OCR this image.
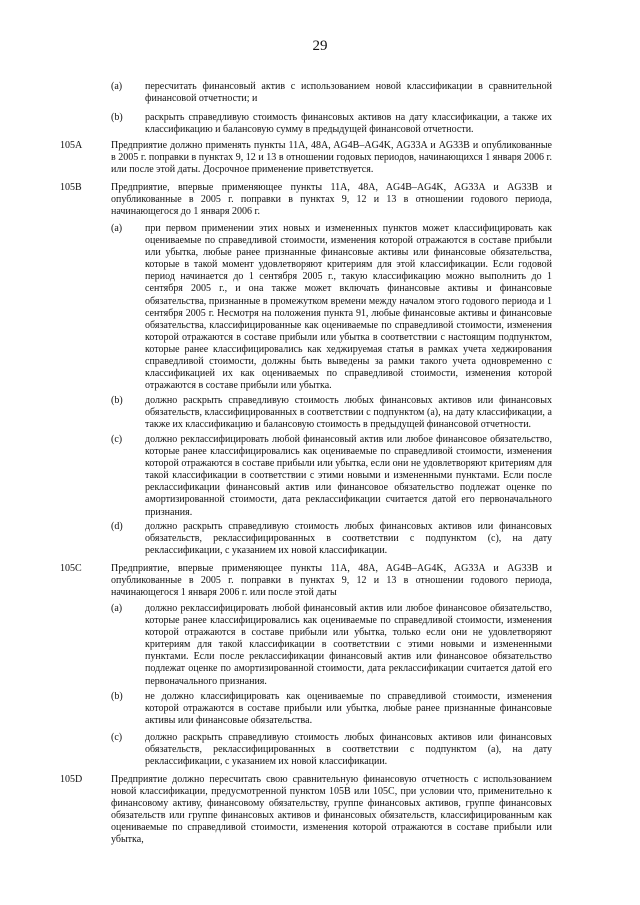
29
(a) пересчитать финансовый актив с использованием новой классификации в сравнительной финансовой отчетности; и
(b) раскрыть справедливую стоимость финансовых активов на дату классификации, а также их классификацию и балансовую сумму в предыдущей финансовой отчетности.
105A	Предприятие должно применять пункты 11A, 48A, AG4B–AG4K, AG33A и AG33B и опубликованные в 2005 г. поправки в пунктах 9, 12 и 13 в отношении годовых периодов, начинающихся 1 января 2006 г. или после этой даты. Досрочное применение приветствуется.
105B	Предприятие, впервые применяющее пункты 11A, 48A, AG4B–AG4K, AG33A и AG33B и опубликованные в 2005 г. поправки в пунктах 9, 12 и 13 в отношении годового периода, начинающегося до 1 января 2006 г.
(a) при первом применении этих новых и измененных пунктов может классифицировать как оцениваемые по справедливой стоимости, изменения которой отражаются в составе прибыли или убытка, любые ранее признанные финансовые активы или финансовые обязательства, которые в такой момент удовлетворяют критериям для этой классификации. Если годовой период начинается до 1 сентября 2005 г., такую классификацию можно выполнить до 1 сентября 2005 г., и она также может включать финансовые активы и финансовые обязательства, признанные в промежутком времени между началом этого годового периода и 1 сентября 2005 г. Несмотря на положения пункта 91, любые финансовые активы и финансовые обязательства, классифицированные как оцениваемые по справедливой стоимости, изменения которой отражаются в составе прибыли или убытка в соответствии с настоящим подпунктом, которые ранее классифицировались как хеджируемая статья в рамках учета хеджирования справедливой стоимости, должны быть выведены за рамки такого учета одновременно с классификацией их как оцениваемых по справедливой стоимости, изменения которой отражаются в составе прибыли или убытка.
(b) должно раскрыть справедливую стоимость любых финансовых активов или финансовых обязательств, классифицированных в соответствии с подпунктом (а), на дату классификации, а также их классификацию и балансовую стоимость в предыдущей финансовой отчетности.
(c) должно реклассифицировать любой финансовый актив или любое финансовое обязательство, которые ранее классифицировались как оцениваемые по справедливой стоимости, изменения которой отражаются в составе прибыли или убытка, если они не удовлетворяют критериям для такой классификации в соответствии с этими новыми и измененными пунктами. Если после реклассификации финансовый актив или финансовое обязательство подлежат оценке по амортизированной стоимости, дата реклассификации считается датой его первоначального признания.
(d) должно раскрыть справедливую стоимость любых финансовых активов или финансовых обязательств, реклассифицированных в соответствии с подпунктом (c), на дату реклассификации, с указанием их новой классификации.
105C	Предприятие, впервые применяющее пункты 11A, 48A, AG4B–AG4K, AG33A и AG33B и опубликованные в 2005 г. поправки в пунктах 9, 12 и 13 в отношении годового периода, начинающегося 1 января 2006 г. или после этой даты
(a) должно реклассифицировать любой финансовый актив или любое финансовое обязательство, которые ранее классифицировались как оцениваемые по справедливой стоимости, изменения которой отражаются в составе прибыли или убытка, только если они не удовлетворяют критериям для такой классификации в соответствии с этими новыми и измененными пунктами. Если после реклассификации финансовый актив или финансовое обязательство подлежат оценке по амортизированной стоимости, дата реклассификации считается датой его первоначального признания.
(b) не должно классифицировать как оцениваемые по справедливой стоимости, изменения которой отражаются в составе прибыли или убытка, любые ранее признанные финансовые активы или финансовые обязательства.
(c) должно раскрыть справедливую стоимость любых финансовых активов или финансовых обязательств, реклассифицированных в соответствии с подпунктом (а), на дату реклассификации, с указанием их новой классификации.
105D	Предприятие должно пересчитать свою сравнительную финансовую отчетность с использованием новой классификации, предусмотренной пунктом 105B или 105C, при условии что, применительно к финансовому активу, финансовому обязательству, группе финансовых активов, группе финансовых обязательств или группе финансовых активов и финансовых обязательств, классифицированным как оцениваемые по справедливой стоимости, изменения которой отражаются в составе прибыли или убытка,
